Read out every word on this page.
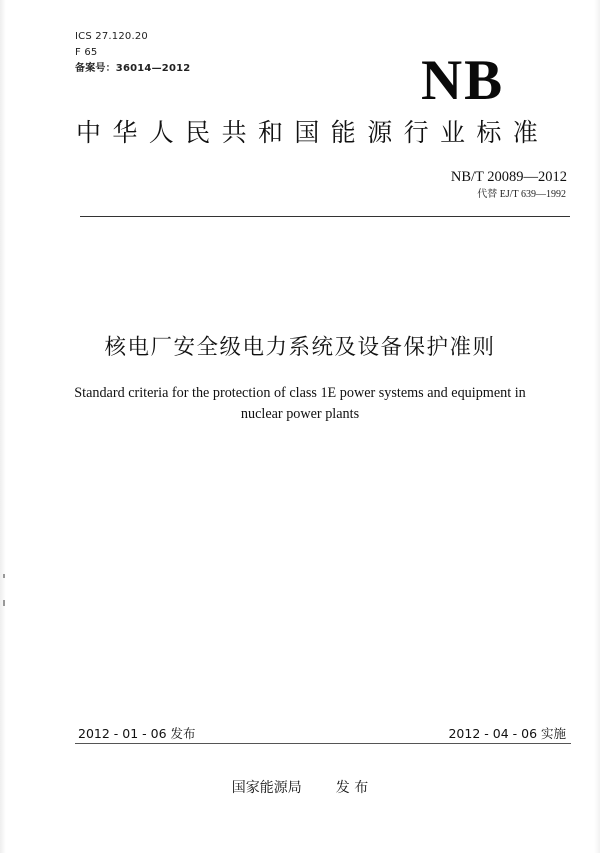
ICS 27.120.20
F 65
备案号：36014—2012	NB
中华人民共和国能源行业标准
NB/T 20089—2012
代替 EJ/T 639—1992
核电厂安全级电力系统及设备保护准则
Standard criteria for the protection of class 1E power systems and equipment in nuclear power plants
2012 - 01 - 06 发布	2012 - 04 - 06 实施
国家能源局 发 布
